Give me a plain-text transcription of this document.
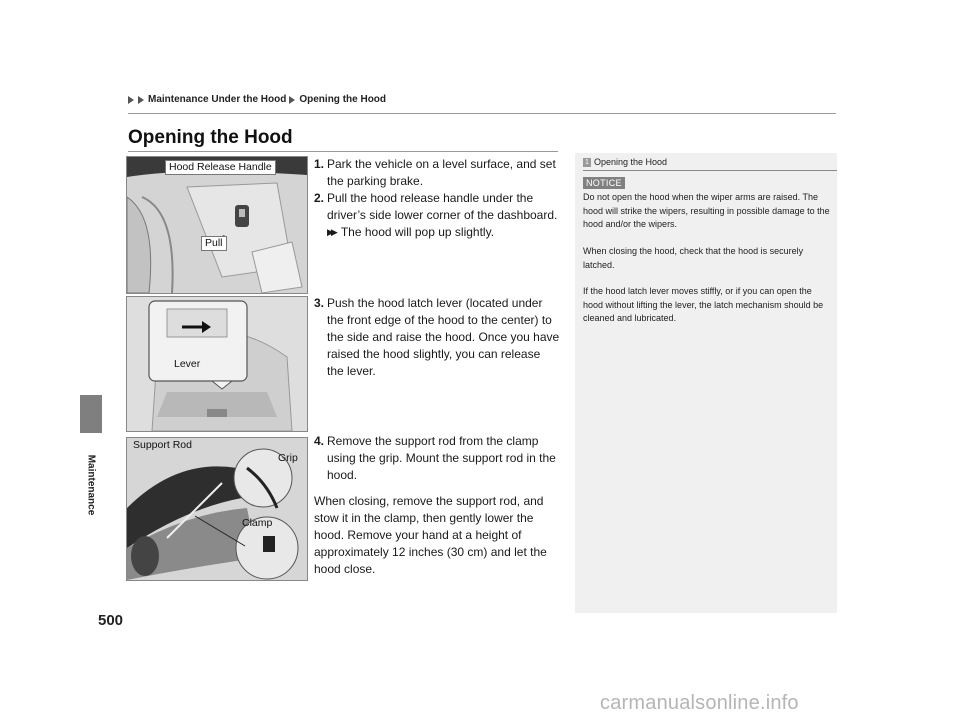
Maintenance Under the Hood Opening the Hood
Maintenance
500
Opening the Hood
Hood Release Handle
Pull
Lever
Support Rod
Grip
Clamp
1. Park the vehicle on a level surface, and set the parking brake.
2. Pull the hood release handle under the driver’s side lower corner of the dashboard.
▶▶ The hood will pop up slightly.
3. Push the hood latch lever (located under the front edge of the hood to the center) to the side and raise the hood. Once you have raised the hood slightly, you can release the lever.
4. Remove the support rod from the clamp using the grip. Mount the support rod in the hood.
When closing, remove the support rod, and stow it in the clamp, then gently lower the hood. Remove your hand at a height of approximately 12 inches (30 cm) and let the hood close.
1 Opening the Hood
NOTICE
Do not open the hood when the wiper arms are raised. The hood will strike the wipers, resulting in possible damage to the hood and/or the wipers.
When closing the hood, check that the hood is securely latched.
If the hood latch lever moves stiffly, or if you can open the hood without lifting the lever, the latch mechanism should be cleaned and lubricated.
carmanualsonline.info
